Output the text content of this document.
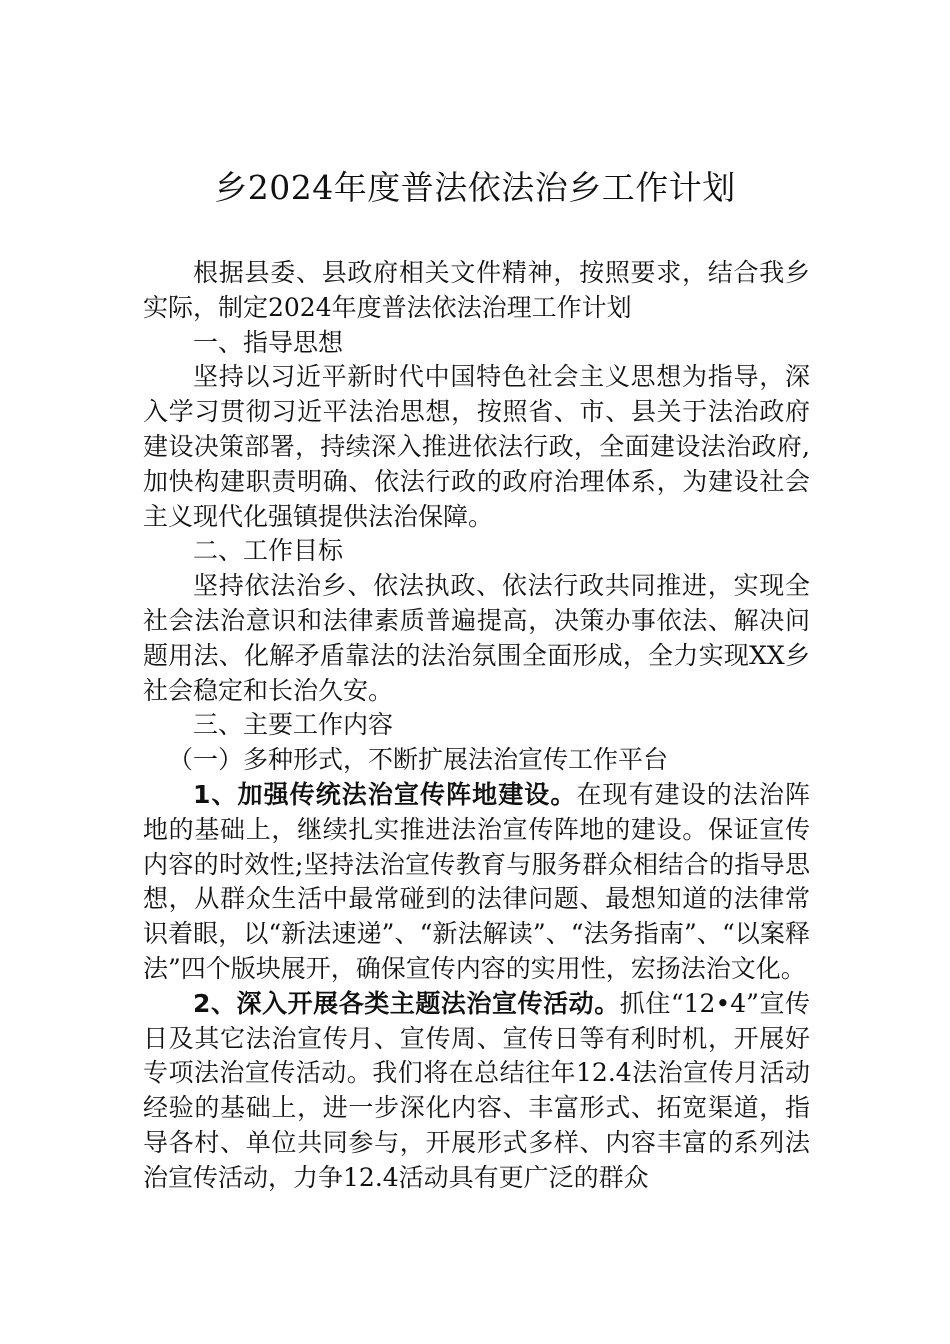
乡2024年度普法依法治乡工作计划

根据县委、县政府相关文件精神，按照要求，结合我乡实际，制定2024年度普法依法治理工作计划

一、指导思想

坚持以习近平新时代中国特色社会主义思想为指导，深入学习贯彻习近平法治思想，按照省、市、县关于法治政府建设决策部署，持续深入推进依法行政，全面建设法治政府,加快构建职责明确、依法行政的政府治理体系，为建设社会主义现代化强镇提供法治保障。

二、工作目标

坚持依法治乡、依法执政、依法行政共同推进，实现全社会法治意识和法律素质普遍提高，决策办事依法、解决问题用法、化解矛盾靠法的法治氛围全面形成，全力实现XX乡社会稳定和长治久安。

三、主要工作内容

（一）多种形式，不断扩展法治宣传工作平台

1、加强传统法治宣传阵地建设。在现有建设的法治阵地的基础上，继续扎实推进法治宣传阵地的建设。保证宣传内容的时效性;坚持法治宣传教育与服务群众相结合的指导思想，从群众生活中最常碰到的法律问题、最想知道的法律常识着眼，以“新法速递”、“新法解读”、“法务指南”、“以案释法”四个版块展开，确保宣传内容的实用性，宏扬法治文化。

2、深入开展各类主题法治宣传活动。抓住“12•4”宣传日及其它法治宣传月、宣传周、宣传日等有利时机，开展好专项法治宣传活动。我们将在总结往年12.4法治宣传月活动经验的基础上，进一步深化内容、丰富形式、拓宽渠道，指导各村、单位共同参与，开展形式多样、内容丰富的系列法治宣传活动，力争12.4活动具有更广泛的群众
